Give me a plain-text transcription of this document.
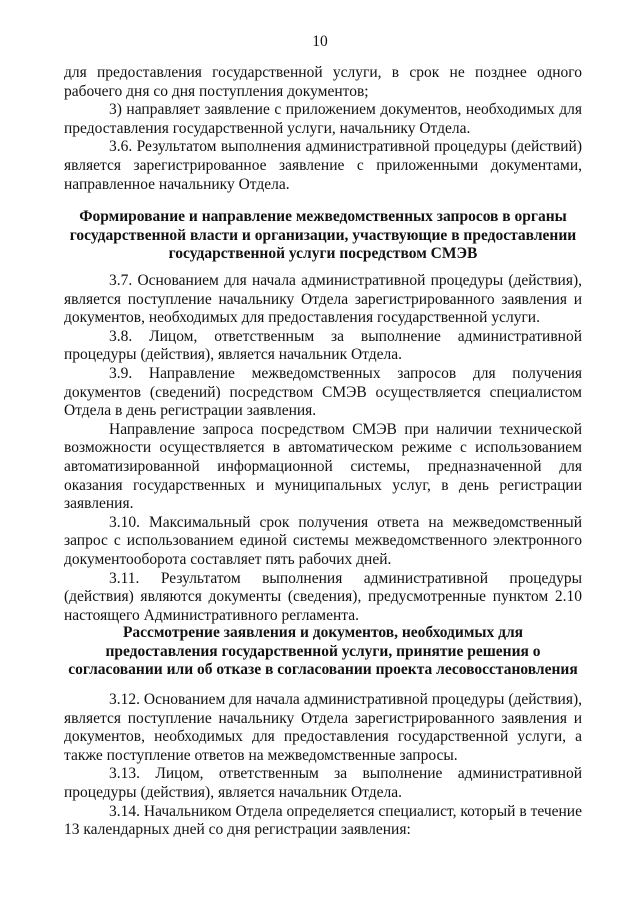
10

для предоставления государственной услуги, в срок не позднее одного рабочего дня со дня поступления документов;

3) направляет заявление с приложением документов, необходимых для предоставления государственной услуги, начальнику Отдела.

3.6. Результатом выполнения административной процедуры (действий) является зарегистрированное заявление с приложенными документами, направленное начальнику Отдела.

Формирование и направление межведомственных запросов в органы

государственной власти и организации, участвующие в предоставлении

государственной услуги посредством СМЭВ

3.7. Основанием для начала административной процедуры (действия), является поступление начальнику Отдела зарегистрированного заявления и документов, необходимых для предоставления государственной услуги.

3.8. Лицом, ответственным за выполнение административной процедуры (действия), является начальник Отдела.

3.9. Направление межведомственных запросов для получения документов (сведений) посредством СМЭВ осуществляется специалистом Отдела в день регистрации заявления.

Направление запроса посредством СМЭВ при наличии технической возможности осуществляется в автоматическом режиме с использованием автоматизированной информационной системы, предназначенной для оказания государственных и муниципальных услуг, в день регистрации заявления.

3.10. Максимальный срок получения ответа на межведомственный запрос с использованием единой системы межведомственного электронного документооборота составляет пять рабочих дней.

3.11. Результатом выполнения административной процедуры (действия) являются документы (сведения), предусмотренные пунктом 2.10 настоящего Административного регламента.

Рассмотрение заявления и документов, необходимых для

предоставления государственной услуги, принятие решения о

согласовании или об отказе в согласовании проекта лесовосстановления

3.12. Основанием для начала административной процедуры (действия), является поступление начальнику Отдела зарегистрированного заявления и документов, необходимых для предоставления государственной услуги, а также поступление ответов на межведомственные запросы.

3.13. Лицом, ответственным за выполнение административной процедуры (действия), является начальник Отдела.

3.14. Начальником Отдела определяется специалист, который в течение 13 календарных дней со дня регистрации заявления:
